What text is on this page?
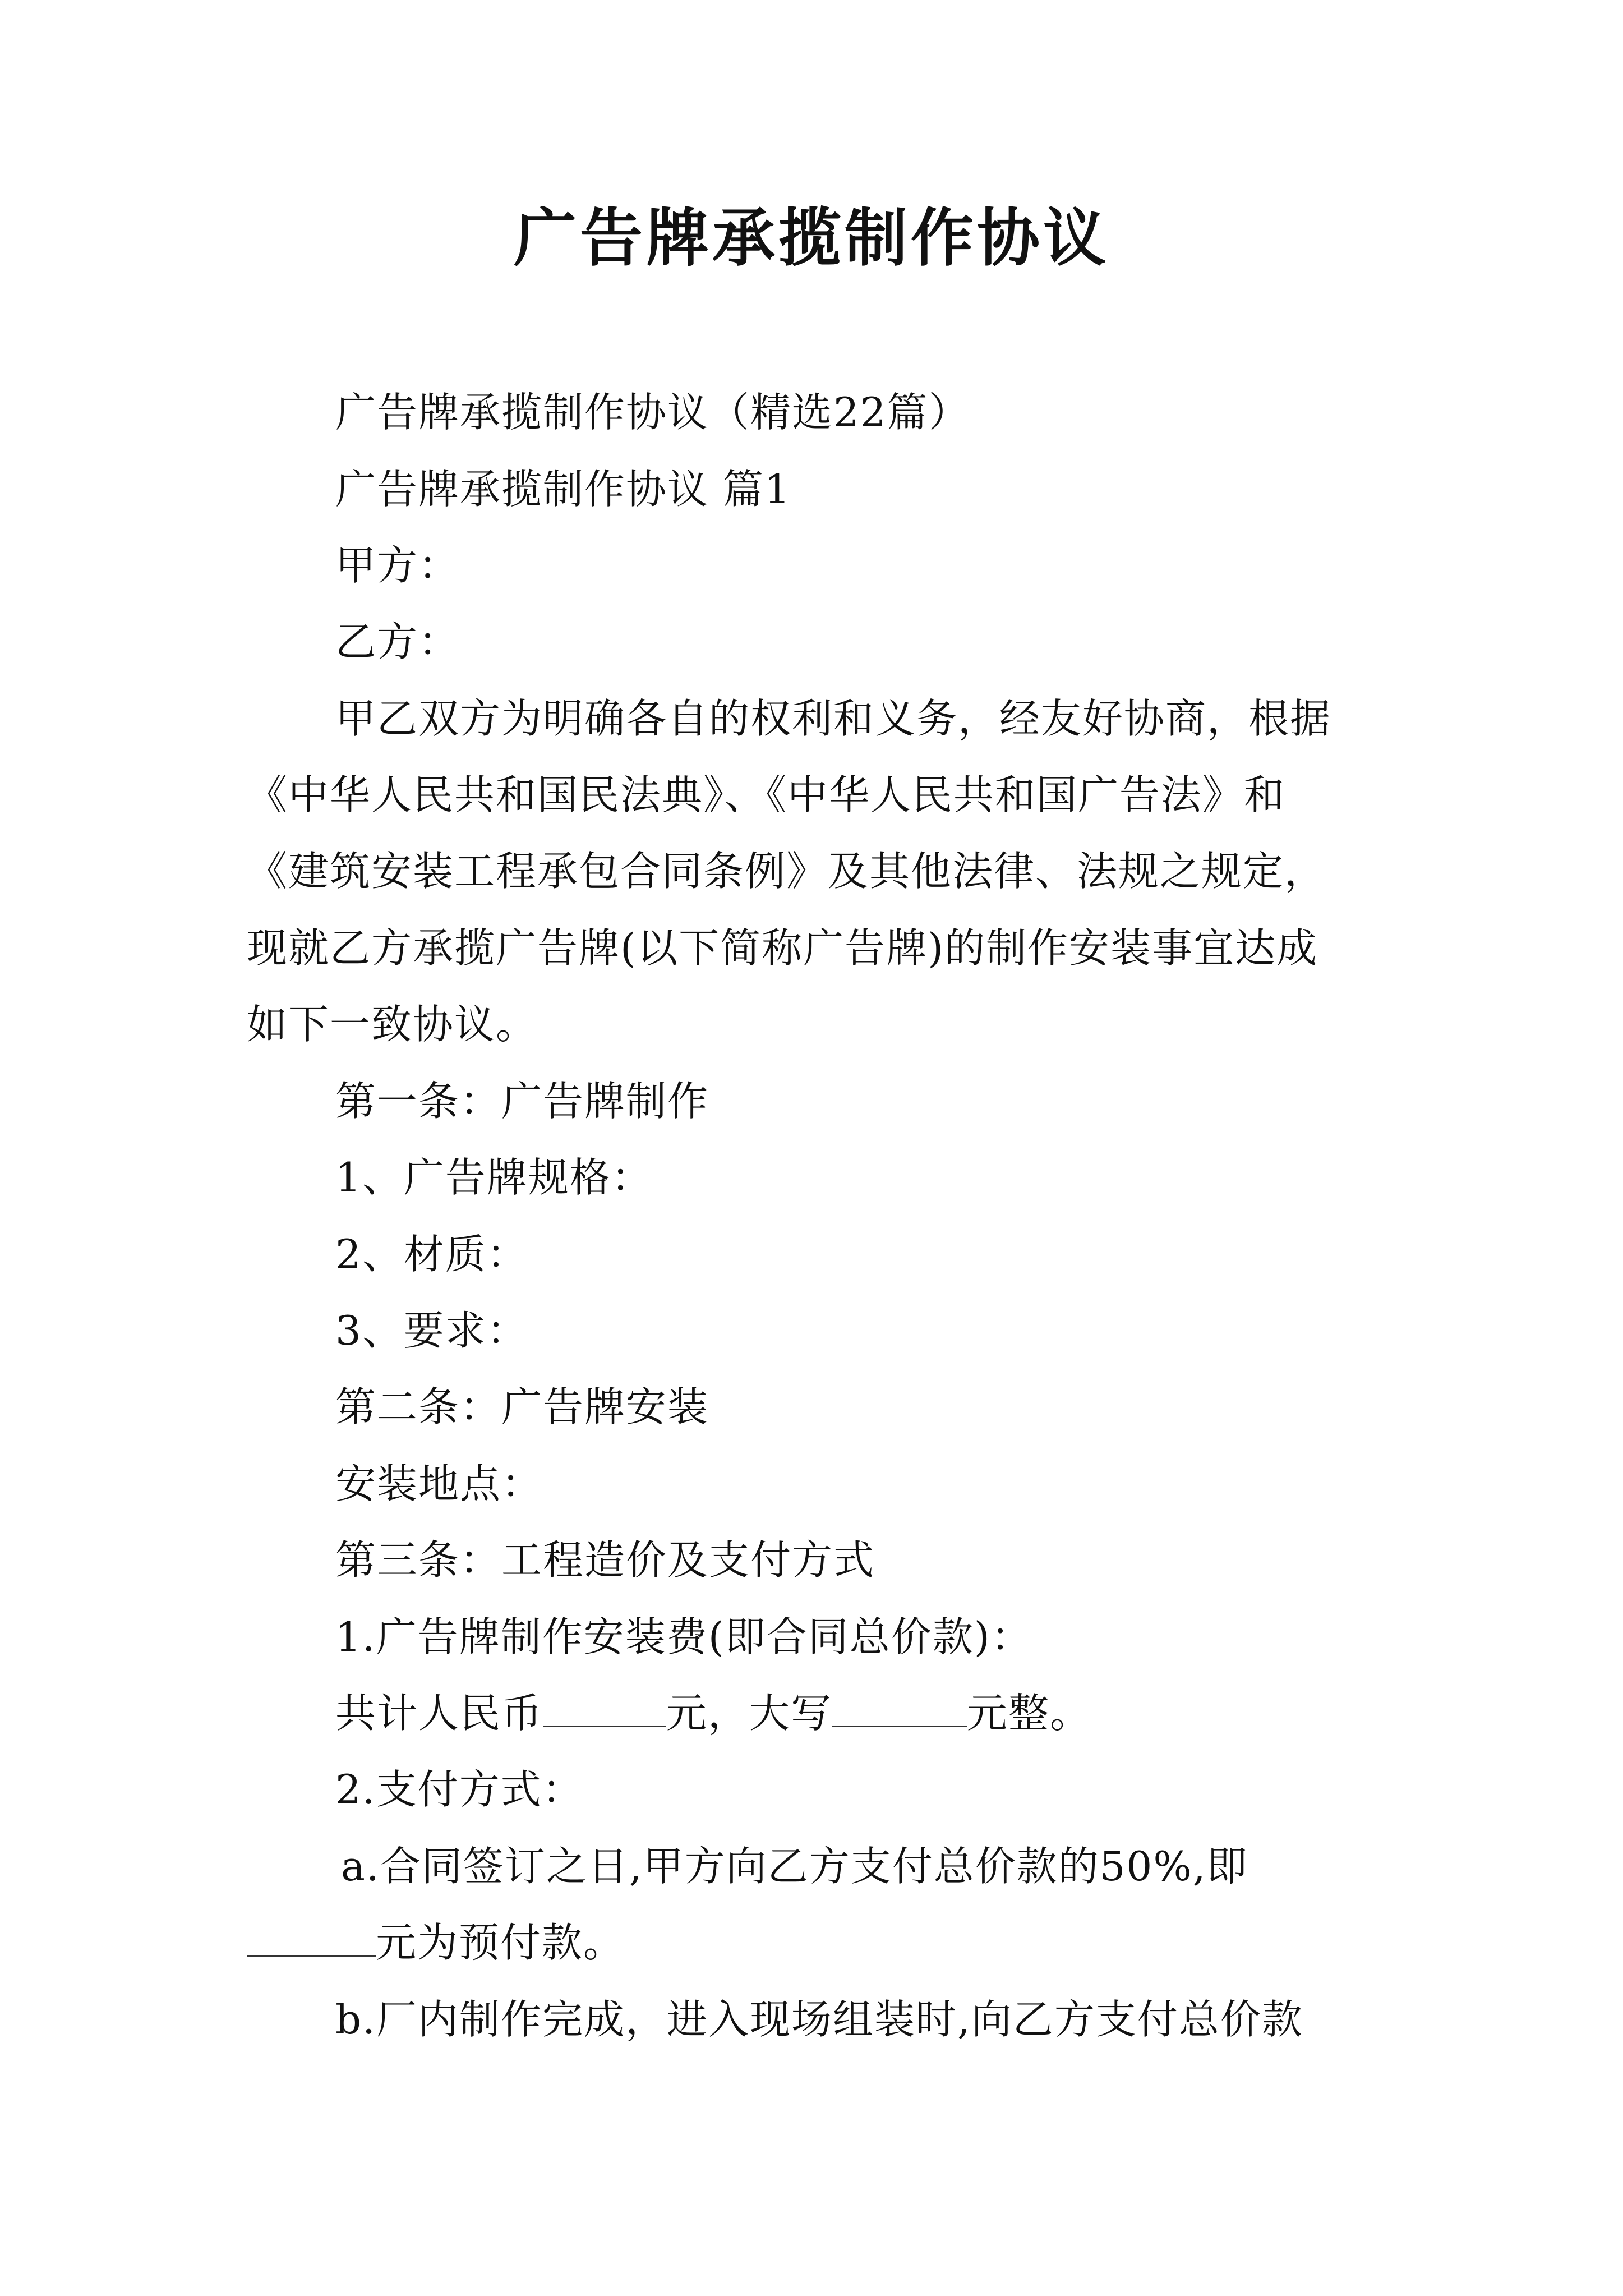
广告牌承揽制作协议
广告牌承揽制作协议（精选22篇）
广告牌承揽制作协议 篇1
甲方：
乙方：
甲乙双方为明确各自的权利和义务，经友好协商，根据
《中华人民共和国民法典》、《中华人民共和国广告法》和
《建筑安装工程承包合同条例》及其他法律、法规之规定，
现就乙方承揽广告牌(以下简称广告牌)的制作安装事宜达成
如下一致协议。
第一条：广告牌制作
1、广告牌规格：
2、材质：
3、要求：
第二条：广告牌安装
安装地点：
第三条：工程造价及支付方式
1.广告牌制作安装费(即合同总价款)：
共计人民币	元，大写	元整。
2.支付方式：
a.合同签订之日,甲方向乙方支付总价款的50%,即
元为预付款。
b.厂内制作完成，进入现场组装时,向乙方支付总价款
